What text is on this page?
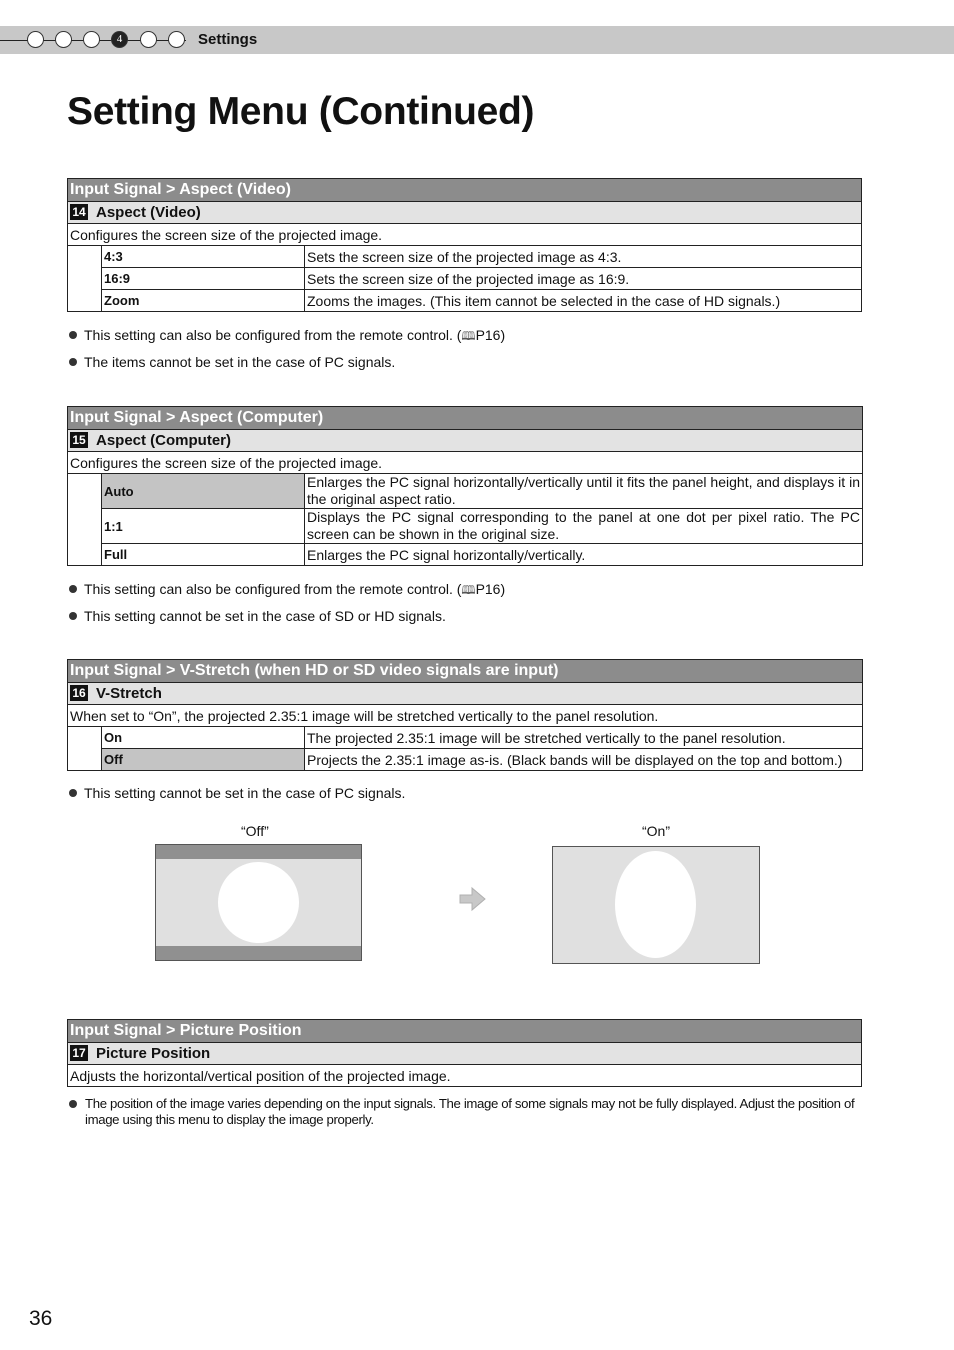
4	Settings
Setting Menu (Continued)
Input Signal > Aspect (Video)		
14 Aspect (Video)		
Configures the screen size of the projected image.		
	4:3	Sets the screen size of the projected image as 4:3.
	16:9	Sets the screen size of the projected image as 16:9.
	Zoom	Zooms the images. (This item cannot be selected in the case of HD signals.)
This setting can also be configured from the remote control. (🕮P16)
The items cannot be set in the case of PC signals.
Input Signal > Aspect (Computer)		
15 Aspect (Computer)		
Configures the screen size of the projected image.		
	Auto	Enlarges the PC signal horizontally/vertically until it fits the panel height, and displays it in the original aspect ratio.
	1:1	Displays the PC signal corresponding to the panel at one dot per pixel ratio. The PC screen can be shown in the original size.
	Full	Enlarges the PC signal horizontally/vertically.
This setting can also be configured from the remote control. (🕮P16)
This setting cannot be set in the case of SD or HD signals.
Input Signal > V-Stretch (when HD or SD video signals are input)		
16 V-Stretch		
When set to “On”, the projected 2.35:1 image will be stretched vertically to the panel resolution.		
	On	The projected 2.35:1 image will be stretched vertically to the panel resolution.
	Off	Projects the 2.35:1 image as-is. (Black bands will be displayed on the top and bottom.)
This setting cannot be set in the case of PC signals.
“Off”	“On”
Input Signal > Picture Position
17 Picture Position
Adjusts the horizontal/vertical position of the projected image.
The position of the image varies depending on the input signals. The image of some signals may not be fully displayed. Adjust the position of image using this menu to display the image properly.
36
